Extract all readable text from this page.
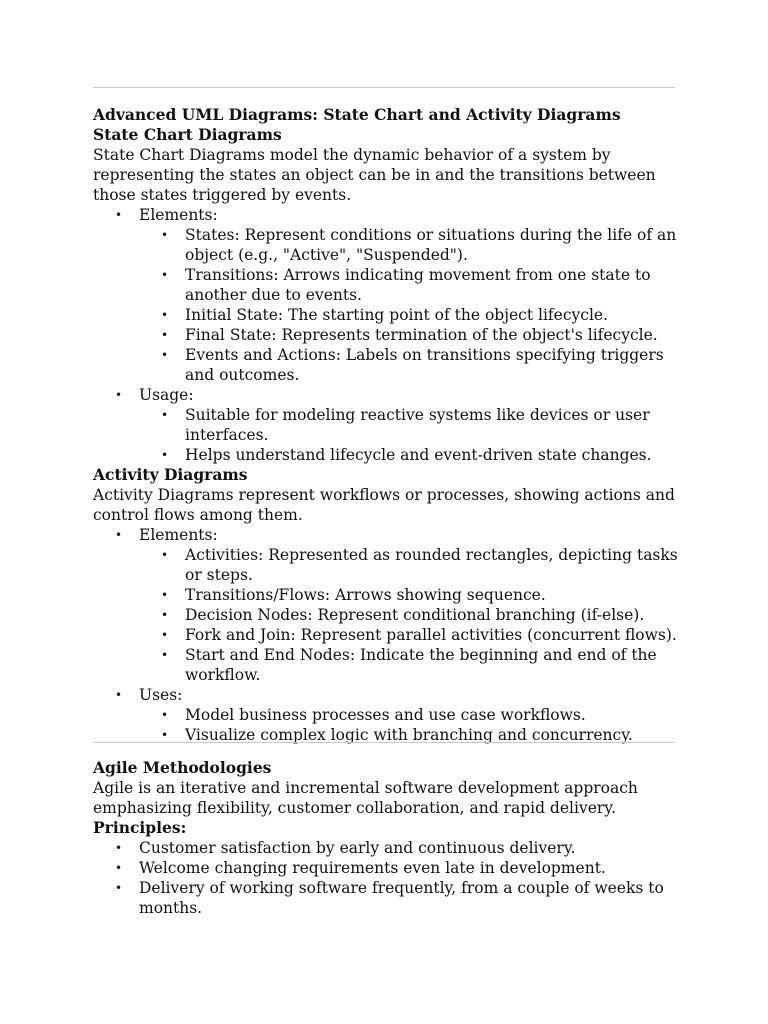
Advanced UML Diagrams: State Chart and Activity Diagrams

State Chart Diagrams

State Chart Diagrams model the dynamic behavior of a system by representing the states an object can be in and the transitions between those states triggered by events.

• Elements:
• States: Represent conditions or situations during the life of an object (e.g., "Active", "Suspended").
• Transitions: Arrows indicating movement from one state to another due to events.
• Initial State: The starting point of the object lifecycle.
• Final State: Represents termination of the object's lifecycle.
• Events and Actions: Labels on transitions specifying triggers and outcomes.
• Usage:
• Suitable for modeling reactive systems like devices or user interfaces.
• Helps understand lifecycle and event-driven state changes.

Activity Diagrams

Activity Diagrams represent workflows or processes, showing actions and control flows among them.

• Elements:
• Activities: Represented as rounded rectangles, depicting tasks or steps.
• Transitions/Flows: Arrows showing sequence.
• Decision Nodes: Represent conditional branching (if-else).
• Fork and Join: Represent parallel activities (concurrent flows).
• Start and End Nodes: Indicate the beginning and end of the workflow.
• Uses:
• Model business processes and use case workflows.
• Visualize complex logic with branching and concurrency.

Agile Methodologies

Agile is an iterative and incremental software development approach emphasizing flexibility, customer collaboration, and rapid delivery.

Principles:

• Customer satisfaction by early and continuous delivery.
• Welcome changing requirements even late in development.
• Delivery of working software frequently, from a couple of weeks to months.
